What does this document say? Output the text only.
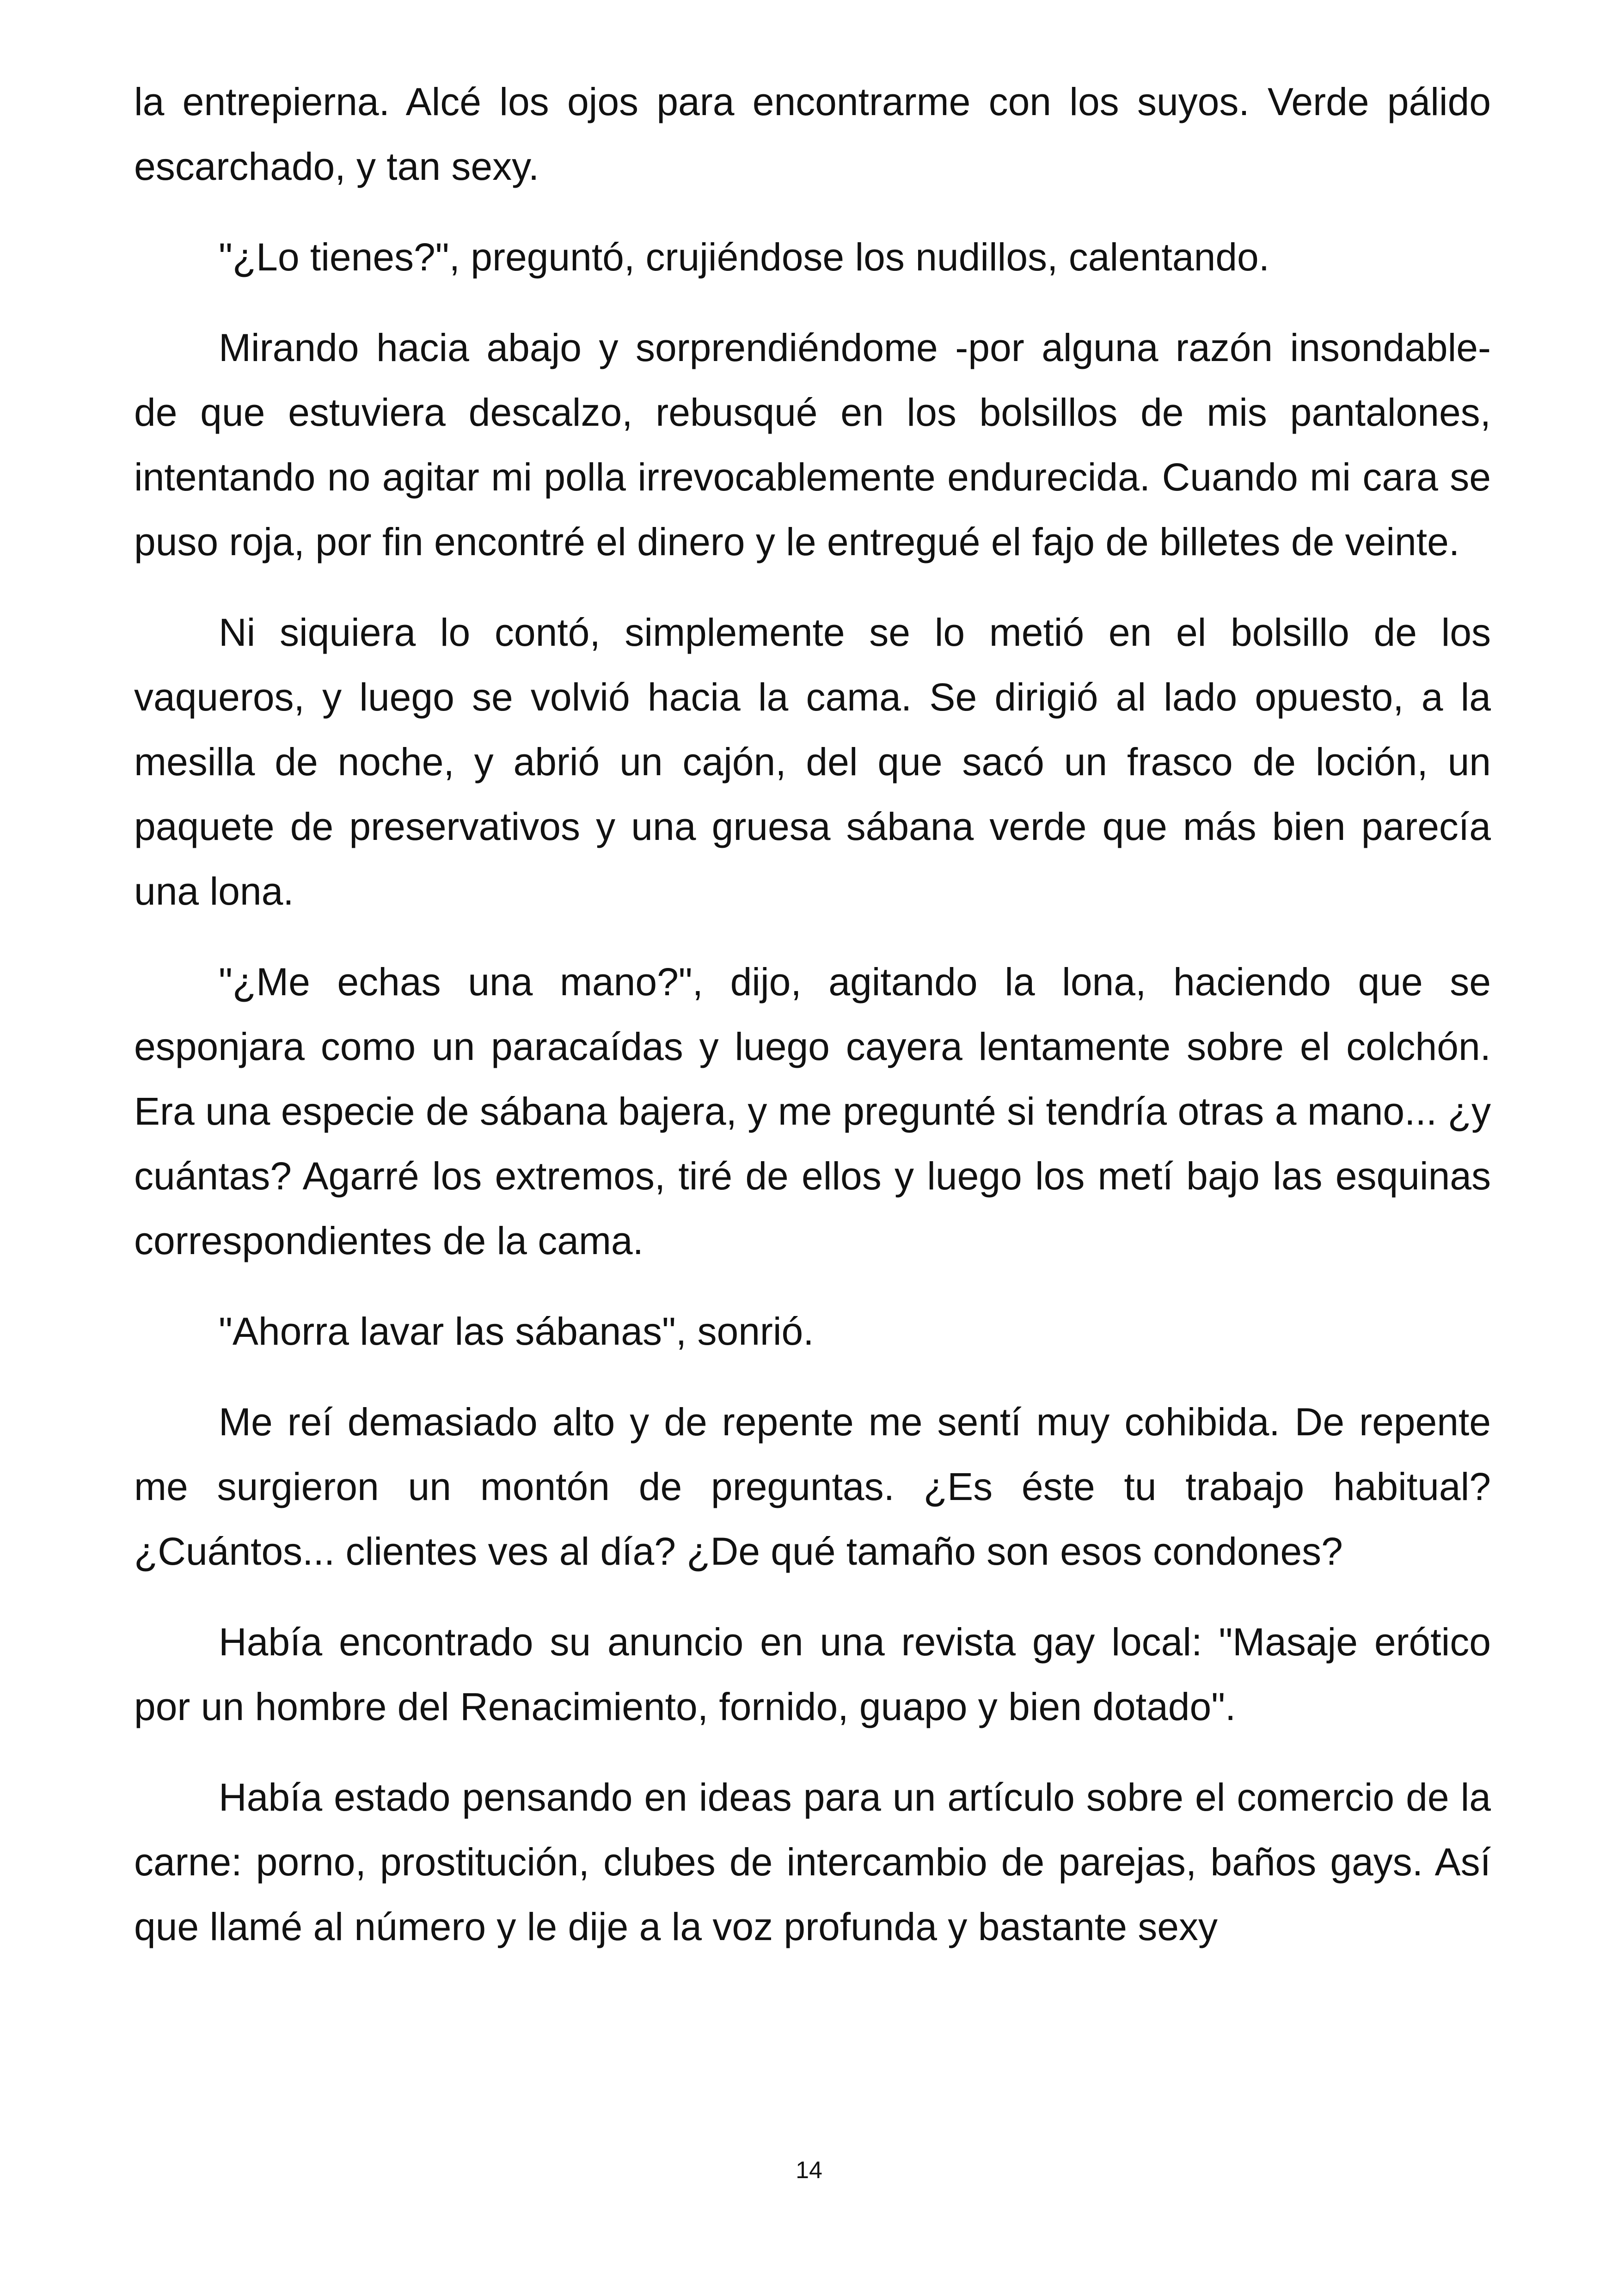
la entrepierna. Alcé los ojos para encontrarme con los suyos. Verde pálido escarchado, y tan sexy.

"¿Lo tienes?", preguntó, crujiéndose los nudillos, calentando.

Mirando hacia abajo y sorprendiéndome -por alguna razón insondable- de que estuviera descalzo, rebusqué en los bolsillos de mis pantalones, intentando no agitar mi polla irrevocablemente endurecida. Cuando mi cara se puso roja, por fin encontré el dinero y le entregué el fajo de billetes de veinte.

Ni siquiera lo contó, simplemente se lo metió en el bolsillo de los vaqueros, y luego se volvió hacia la cama. Se dirigió al lado opuesto, a la mesilla de noche, y abrió un cajón, del que sacó un frasco de loción, un paquete de preservativos y una gruesa sábana verde que más bien parecía una lona.

"¿Me echas una mano?", dijo, agitando la lona, haciendo que se esponjara como un paracaídas y luego cayera lentamente sobre el colchón. Era una especie de sábana bajera, y me pregunté si tendría otras a mano... ¿y cuántas? Agarré los extremos, tiré de ellos y luego los metí bajo las esquinas correspondientes de la cama.

"Ahorra lavar las sábanas", sonrió.

Me reí demasiado alto y de repente me sentí muy cohibida. De repente me surgieron un montón de preguntas. ¿Es éste tu trabajo habitual? ¿Cuántos... clientes ves al día? ¿De qué tamaño son esos condones?

Había encontrado su anuncio en una revista gay local: "Masaje erótico por un hombre del Renacimiento, fornido, guapo y bien dotado".

Había estado pensando en ideas para un artículo sobre el comercio de la carne: porno, prostitución, clubes de intercambio de parejas, baños gays. Así que llamé al número y le dije a la voz profunda y bastante sexy

14
